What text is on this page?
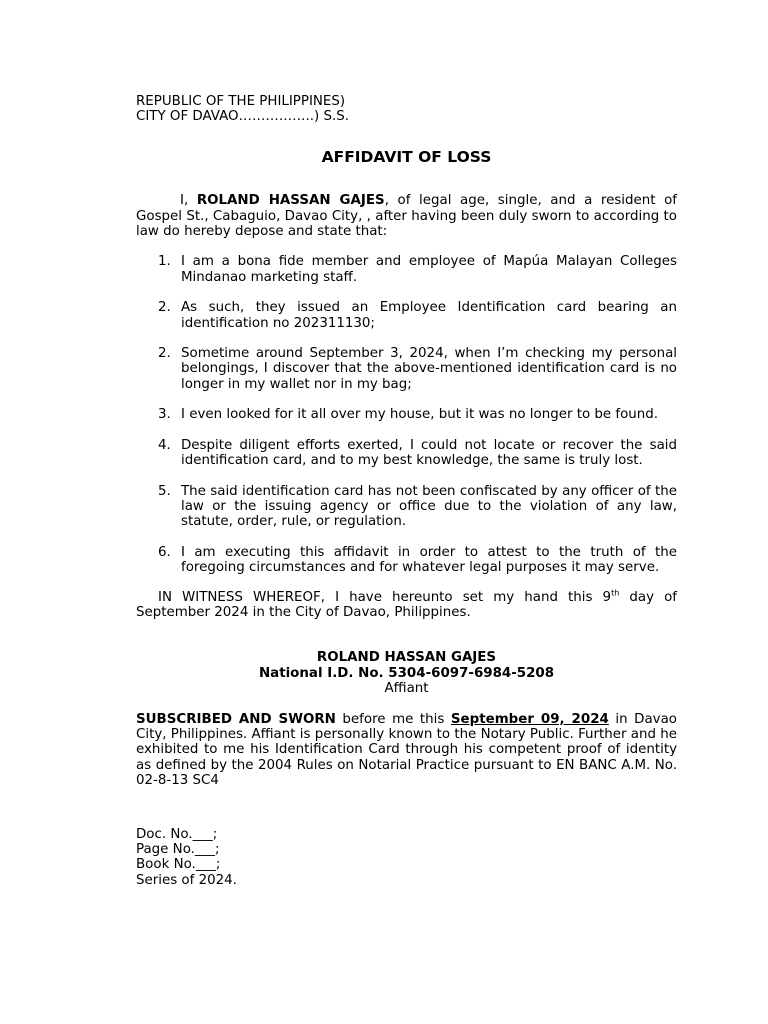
REPUBLIC OF THE PHILIPPINES)

CITY OF DAVAO……………..) S.S.

AFFIDAVIT OF LOSS

I, ROLAND HASSAN GAJES, of legal age, single, and a resident of Gospel St., Cabaguio, Davao City, , after having been duly sworn to according to law do hereby depose and state that:

1. I am a bona fide member and employee of Mapúa Malayan Colleges Mindanao marketing staff.
2. As such, they issued an Employee Identification card bearing an identification no 202311130;
2. Sometime around September 3, 2024, when I’m checking my personal belongings, I discover that the above-mentioned identification card is no longer in my wallet nor in my bag;
3. I even looked for it all over my house, but it was no longer to be found.
4. Despite diligent efforts exerted, I could not locate or recover the said identification card, and to my best knowledge, the same is truly lost.
5. The said identification card has not been confiscated by any officer of the law or the issuing agency or office due to the violation of any law, statute, order, rule, or regulation.
6. I am executing this affidavit in order to attest to the truth of the foregoing circumstances and for whatever legal purposes it may serve.

IN WITNESS WHEREOF, I have hereunto set my hand this 9th day of September 2024 in the City of Davao, Philippines.

ROLAND HASSAN GAJES
National I.D. No. 5304-6097-6984-5208
Affiant

SUBSCRIBED AND SWORN before me this September 09, 2024 in Davao City, Philippines. Affiant is personally known to the Notary Public. Further and he exhibited to me his Identification Card through his competent proof of identity as defined by the 2004 Rules on Notarial Practice pursuant to EN BANC A.M. No. 02-8-13 SC4

Doc. No.___;
Page No.___;
Book No.___;
Series of 2024.
